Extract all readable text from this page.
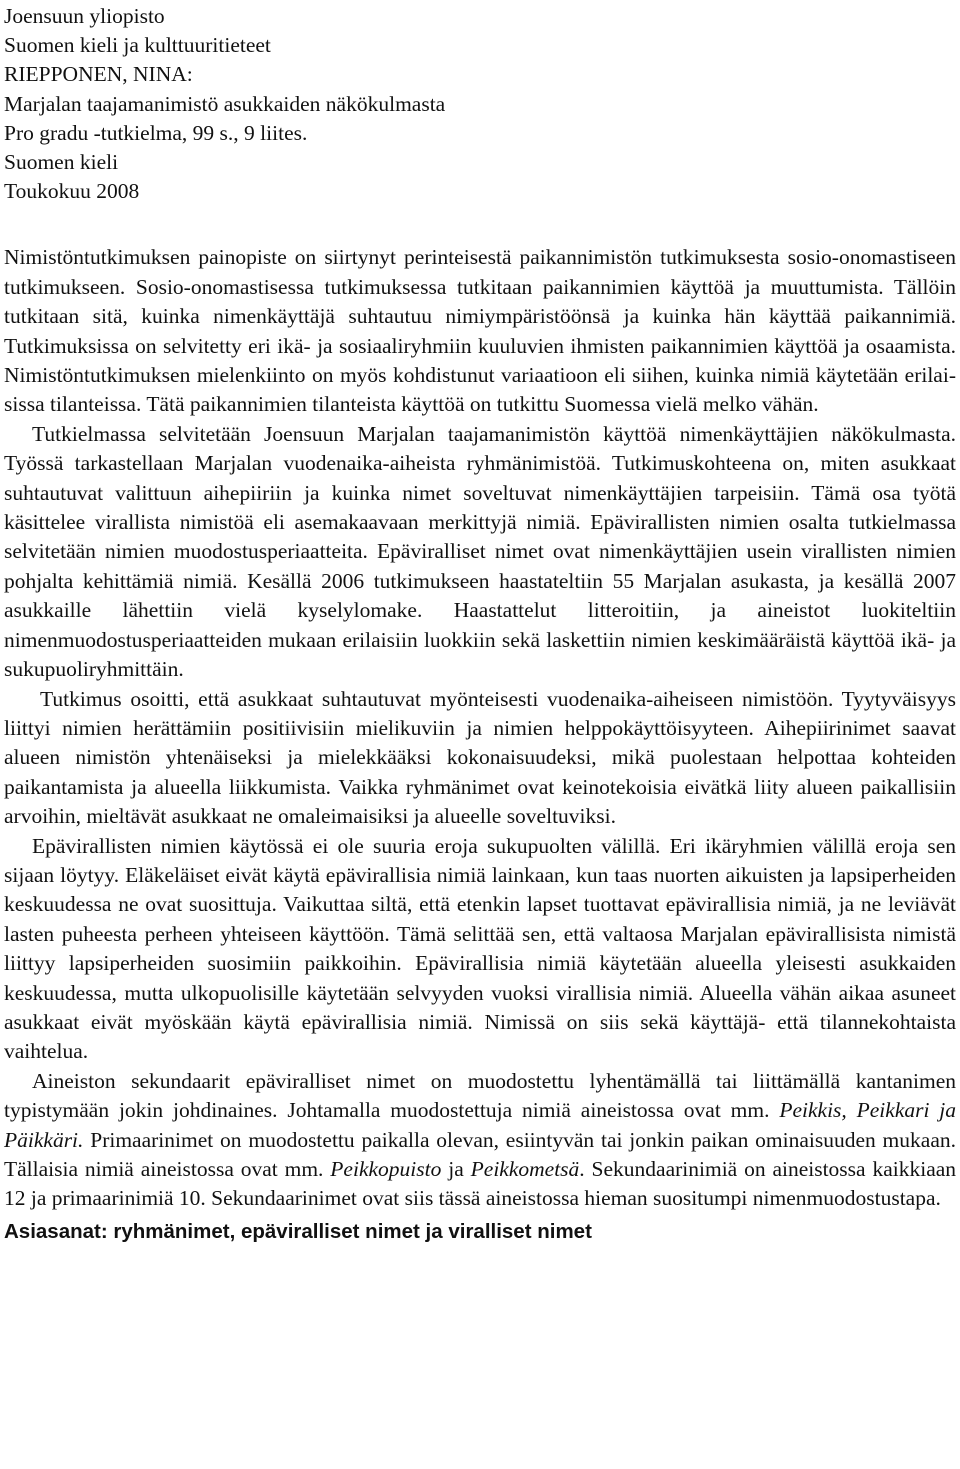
Joensuun yliopisto
Suomen kieli ja kulttuuritieteet
RIEPPONEN, NINA:
Marjalan taajamanimistö asukkaiden näkökulmasta
Pro gradu -tutkielma, 99 s., 9 liites.
Suomen kieli
Toukokuu 2008

Nimistöntutkimuksen painopiste on siirtynyt perinteisestä paikannimistön tutkimuksesta sosio-onomastiseen tutkimukseen. Sosio-onomastisessa tutkimuksessa tutkitaan paikannimien käyttöä ja muuttumista. Tällöin tutkitaan sitä, kuinka nimenkäyttäjä suhtautuu nimiympäristöönsä ja kuinka hän käyttää paikannimiä. Tutkimuksissa on selvitetty eri ikä- ja sosiaaliryhmiin kuuluvien ihmisten paikannimien käyttöä ja osaamista. Nimistöntutkimuksen mielenkiinto on myös kohdistunut variaatioon eli siihen, kuinka nimiä käytetään erilaisissa tilanteissa. Tätä paikannimien tilanteista käyttöä on tutkittu Suomessa vielä melko vähän.

Tutkielmassa selvitetään Joensuun Marjalan taajamanimistön käyttöä nimenkäyttäjien näkökulmasta. Työssä tarkastellaan Marjalan vuodenaika-aiheista ryhmänimistöä. Tutkimuskohteena on, miten asukkaat suhtautuvat valittuun aihepiiriin ja kuinka nimet soveltuvat nimenkäyttäjien tarpeisiin. Tämä osa työtä käsittelee virallista nimistöä eli asemakaavaan merkittyjä nimiä. Epävirallisten nimien osalta tutkielmassa selvitetään nimien muodostusperiaatteita. Epäviralliset nimet ovat nimenkäyttäjien usein virallisten nimien pohjalta kehittämiä nimiä. Kesällä 2006 tutkimukseen haastateltiin 55 Marjalan asukasta, ja kesällä 2007 asukkaille lähettiin vielä kyselylomake. Haastattelut litteroitiin, ja aineistot luokiteltiin nimenmuodostusperiaatteiden mukaan erilaisiin luokkiin sekä laskettiin nimien keskimääräistä käyttöä ikä- ja sukupuoliryhmittäin.

Tutkimus osoitti, että asukkaat suhtautuvat myönteisesti vuodenaika-aiheiseen nimistöön. Tyytyväisyys liittyi nimien herättämiin positiivisiin mielikuviin ja nimien helppokäyttöisyyteen. Aihepiirinimet saavat alueen nimistön yhtenäiseksi ja mielekkääksi kokonaisuudeksi, mikä puolestaan helpottaa kohteiden paikantamista ja alueella liikkumista. Vaikka ryhmänimet ovat keinotekoisia eivätkä liity alueen paikallisiin arvoihin, mieltävät asukkaat ne omaleimaisiksi ja alueelle soveltuviksi.

Epävirallisten nimien käytössä ei ole suuria eroja sukupuolten välillä. Eri ikäryhmien välillä eroja sen sijaan löytyy. Eläkeläiset eivät käytä epävirallisia nimiä lainkaan, kun taas nuorten aikuisten ja lapsiperheiden keskuudessa ne ovat suosittuja. Vaikuttaa siltä, että etenkin lapset tuottavat epävirallisia nimiä, ja ne leviävät lasten puheesta perheen yhteiseen käyttöön. Tämä selittää sen, että valtaosa Marjalan epävirallisista nimistä liittyy lapsiperheiden suosimiin paikkoihin. Epävirallisia nimiä käytetään alueella yleisesti asukkaiden keskuudessa, mutta ulkopuolisille käytetään selvyyden vuoksi virallisia nimiä. Alueella vähän aikaa asuneet asukkaat eivät myöskään käytä epävirallisia nimiä. Nimissä on siis sekä käyttäjä- että tilannekohtaista vaihtelua.

Aineiston sekundaarit epäviralliset nimet on muodostettu lyhentämällä tai liittämällä kantanimen typistymään jokin johdinaines. Johtamalla muodostettuja nimiä aineistossa ovat mm. Peikkis, Peikkari ja Päikkäri. Primaarinimet on muodostettu paikalla olevan, esiintyvän tai jonkin paikan ominaisuuden mukaan. Tällaisia nimiä aineistossa ovat mm. Peikkopuisto ja Peikkometsä. Sekundaarinimiä on aineistossa kaikkiaan 12 ja primaarinimiä 10. Sekundaarinimet ovat siis tässä aineistossa hieman suositumpi nimenmuodostustapa.

Asiasanat: ryhmänimet, epäviralliset nimet ja viralliset nimet
